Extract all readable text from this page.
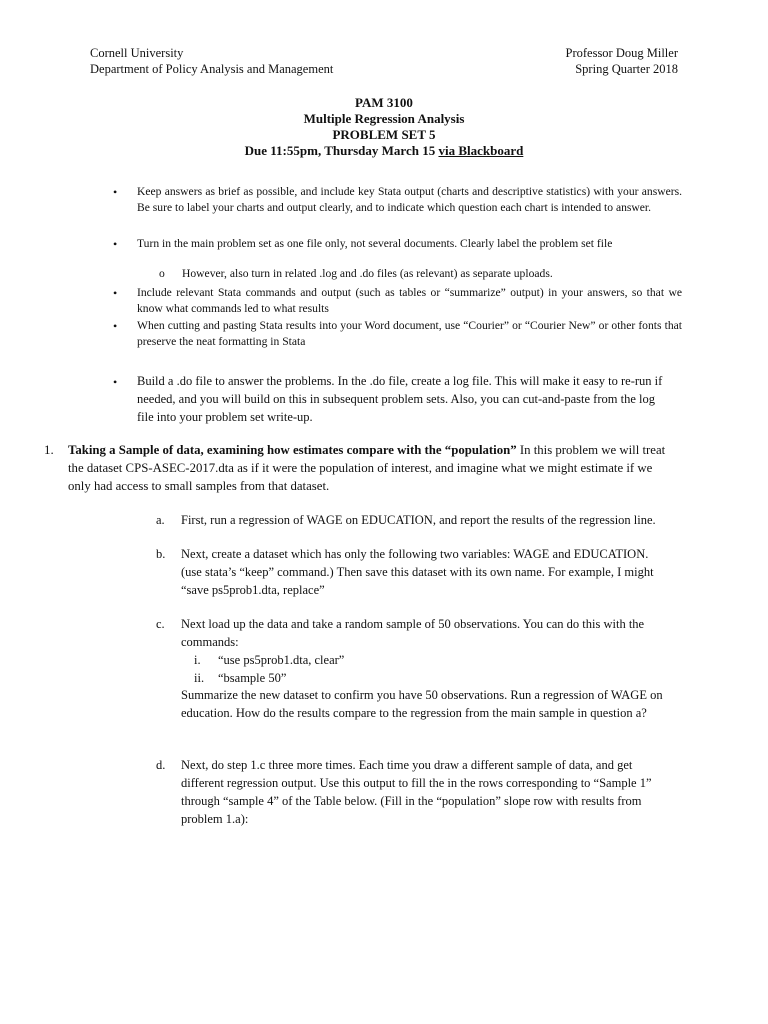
Cornell University
Department of Policy Analysis and Management
Professor Doug Miller
Spring Quarter 2018
PAM 3100
Multiple Regression Analysis
PROBLEM SET 5
Due 11:55pm, Thursday March 15 via Blackboard
• Keep answers as brief as possible, and include key Stata output (charts and descriptive statistics) with your answers. Be sure to label your charts and output clearly, and to indicate which question each chart is intended to answer.
• Turn in the main problem set as one file only, not several documents. Clearly label the problem set file
o However, also turn in related .log and .do files (as relevant) as separate uploads.
• Include relevant Stata commands and output (such as tables or “summarize” output) in your answers, so that we know what commands led to what results
• When cutting and pasting Stata results into your Word document, use “Courier” or “Courier New” or other fonts that preserve the neat formatting in Stata
• Build a .do file to answer the problems. In the .do file, create a log file. This will make it easy to re-run if needed, and you will build on this in subsequent problem sets. Also, you can cut-and-paste from the log file into your problem set write-up.
1. Taking a Sample of data, examining how estimates compare with the “population” In this problem we will treat the dataset CPS-ASEC-2017.dta as if it were the population of interest, and imagine what we might estimate if we only had access to small samples from that dataset.
a. First, run a regression of WAGE on EDUCATION, and report the results of the regression line.
b. Next, create a dataset which has only the following two variables: WAGE and EDUCATION. (use stata’s “keep” command.) Then save this dataset with its own name. For example, I might “save ps5prob1.dta, replace”
c. Next load up the data and take a random sample of 50 observations. You can do this with the commands:
i. “use ps5prob1.dta, clear”
ii. “bsample 50”
Summarize the new dataset to confirm you have 50 observations. Run a regression of WAGE on education. How do the results compare to the regression from the main sample in question a?
d. Next, do step 1.c three more times. Each time you draw a different sample of data, and get different regression output. Use this output to fill the in the rows corresponding to “Sample 1” through “sample 4” of the Table below. (Fill in the “population” slope row with results from problem 1.a):
